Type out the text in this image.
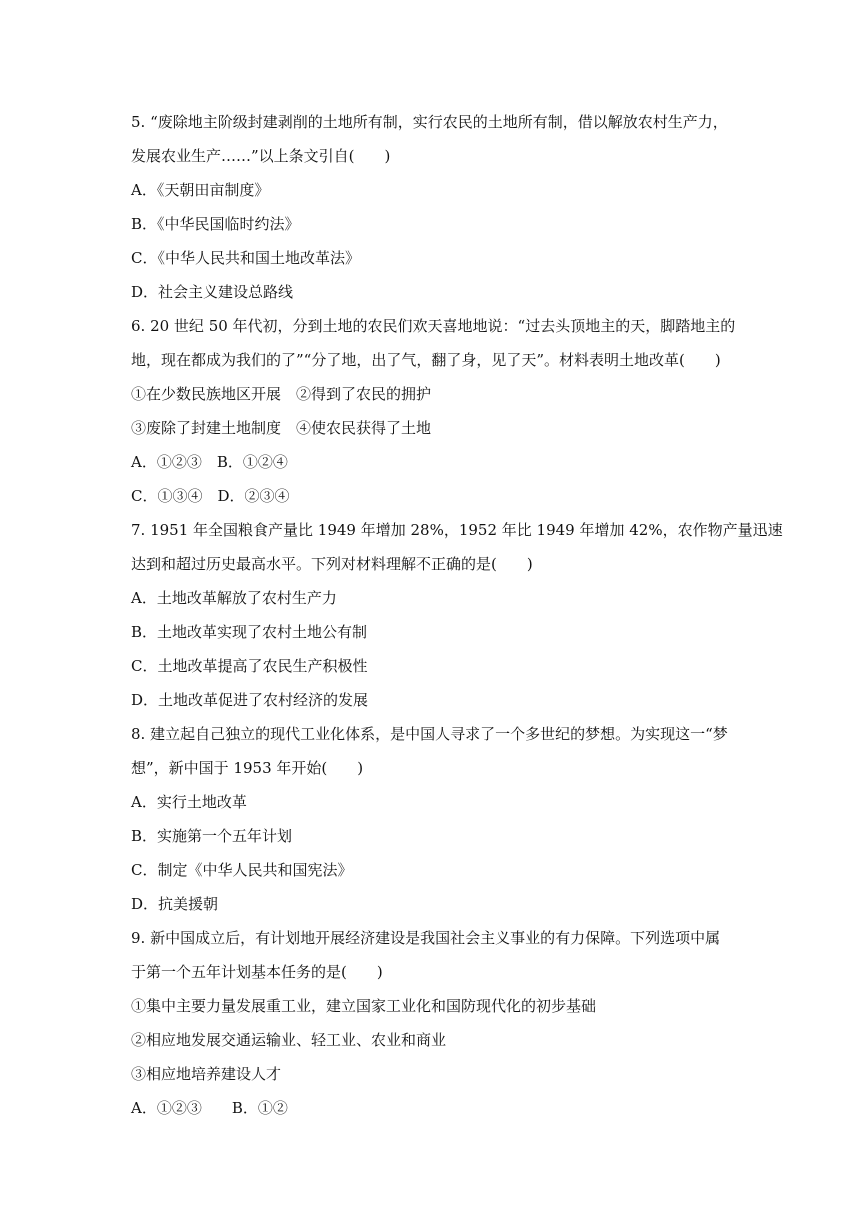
5. “废除地主阶级封建剥削的土地所有制，实行农民的土地所有制，借以解放农村生产力，
发展农业生产……”以上条文引自(　　)
A．《天朝田亩制度》
B．《中华民国临时约法》
C．《中华人民共和国土地改革法》
D．社会主义建设总路线
6. 20 世纪 50 年代初，分到土地的农民们欢天喜地地说：“过去头顶地主的天，脚踏地主的
地，现在都成为我们的了”“分了地，出了气，翻了身，见了天”。材料表明土地改革(　　)
①在少数民族地区开展　②得到了农民的拥护
③废除了封建土地制度　④使农民获得了土地
A．①②③　B．①②④
C．①③④　D．②③④
7. 1951 年全国粮食产量比 1949 年增加 28%，1952 年比 1949 年增加 42%，农作物产量迅速
达到和超过历史最高水平。下列对材料理解不正确的是(　　)
A．土地改革解放了农村生产力
B．土地改革实现了农村土地公有制
C．土地改革提高了农民生产积极性
D．土地改革促进了农村经济的发展
8. 建立起自己独立的现代工业化体系，是中国人寻求了一个多世纪的梦想。为实现这一“梦
想”，新中国于 1953 年开始(　　)
A．实行土地改革
B．实施第一个五年计划
C．制定《中华人民共和国宪法》
D．抗美援朝
9. 新中国成立后，有计划地开展经济建设是我国社会主义事业的有力保障。下列选项中属
于第一个五年计划基本任务的是(　　)
①集中主要力量发展重工业，建立国家工业化和国防现代化的初步基础
②相应地发展交通运输业、轻工业、农业和商业
③相应地培养建设人才
A．①②③　　B．①②
